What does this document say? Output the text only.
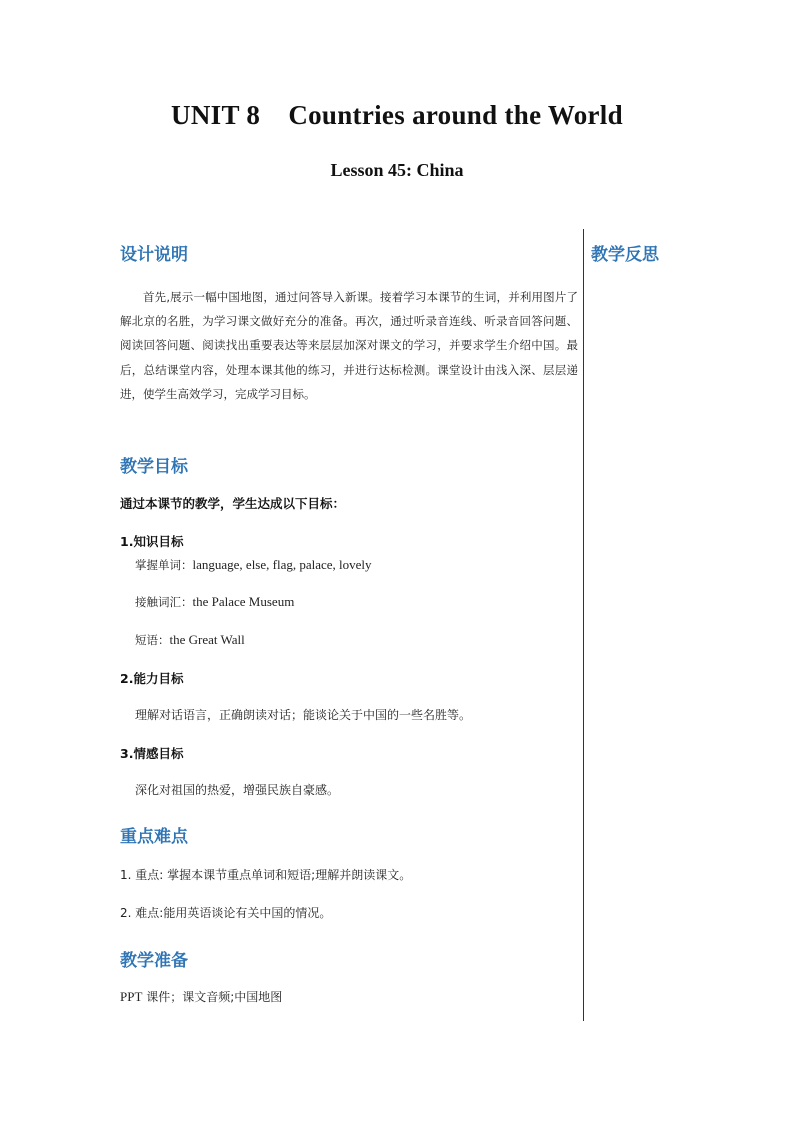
UNIT 8    Countries around the World
Lesson 45: China
教学反思
设计说明
首先,展示一幅中国地图，通过问答导入新课。接着学习本课节的生词，并利用图片了解北京的名胜，为学习课文做好充分的准备。再次，通过听录音连线、听录音回答问题、阅读回答问题、阅读找出重要表达等来层层加深对课文的学习，并要求学生介绍中国。最后，总结课堂内容，处理本课其他的练习，并进行达标检测。课堂设计由浅入深、层层递进，使学生高效学习，完成学习目标。
教学目标
通过本课节的教学，学生达成以下目标：
1.知识目标
掌握单词：language, else, flag, palace, lovely
接触词汇：the Palace Museum
短语：the Great Wall
2.能力目标
理解对话语言，正确朗读对话；能谈论关于中国的一些名胜等。
3.情感目标
深化对祖国的热爱，增强民族自豪感。
重点难点
1. 重点: 掌握本课节重点单词和短语;理解并朗读课文。
2. 难点:能用英语谈论有关中国的情况。
教学准备
PPT 课件；课文音频;中国地图
